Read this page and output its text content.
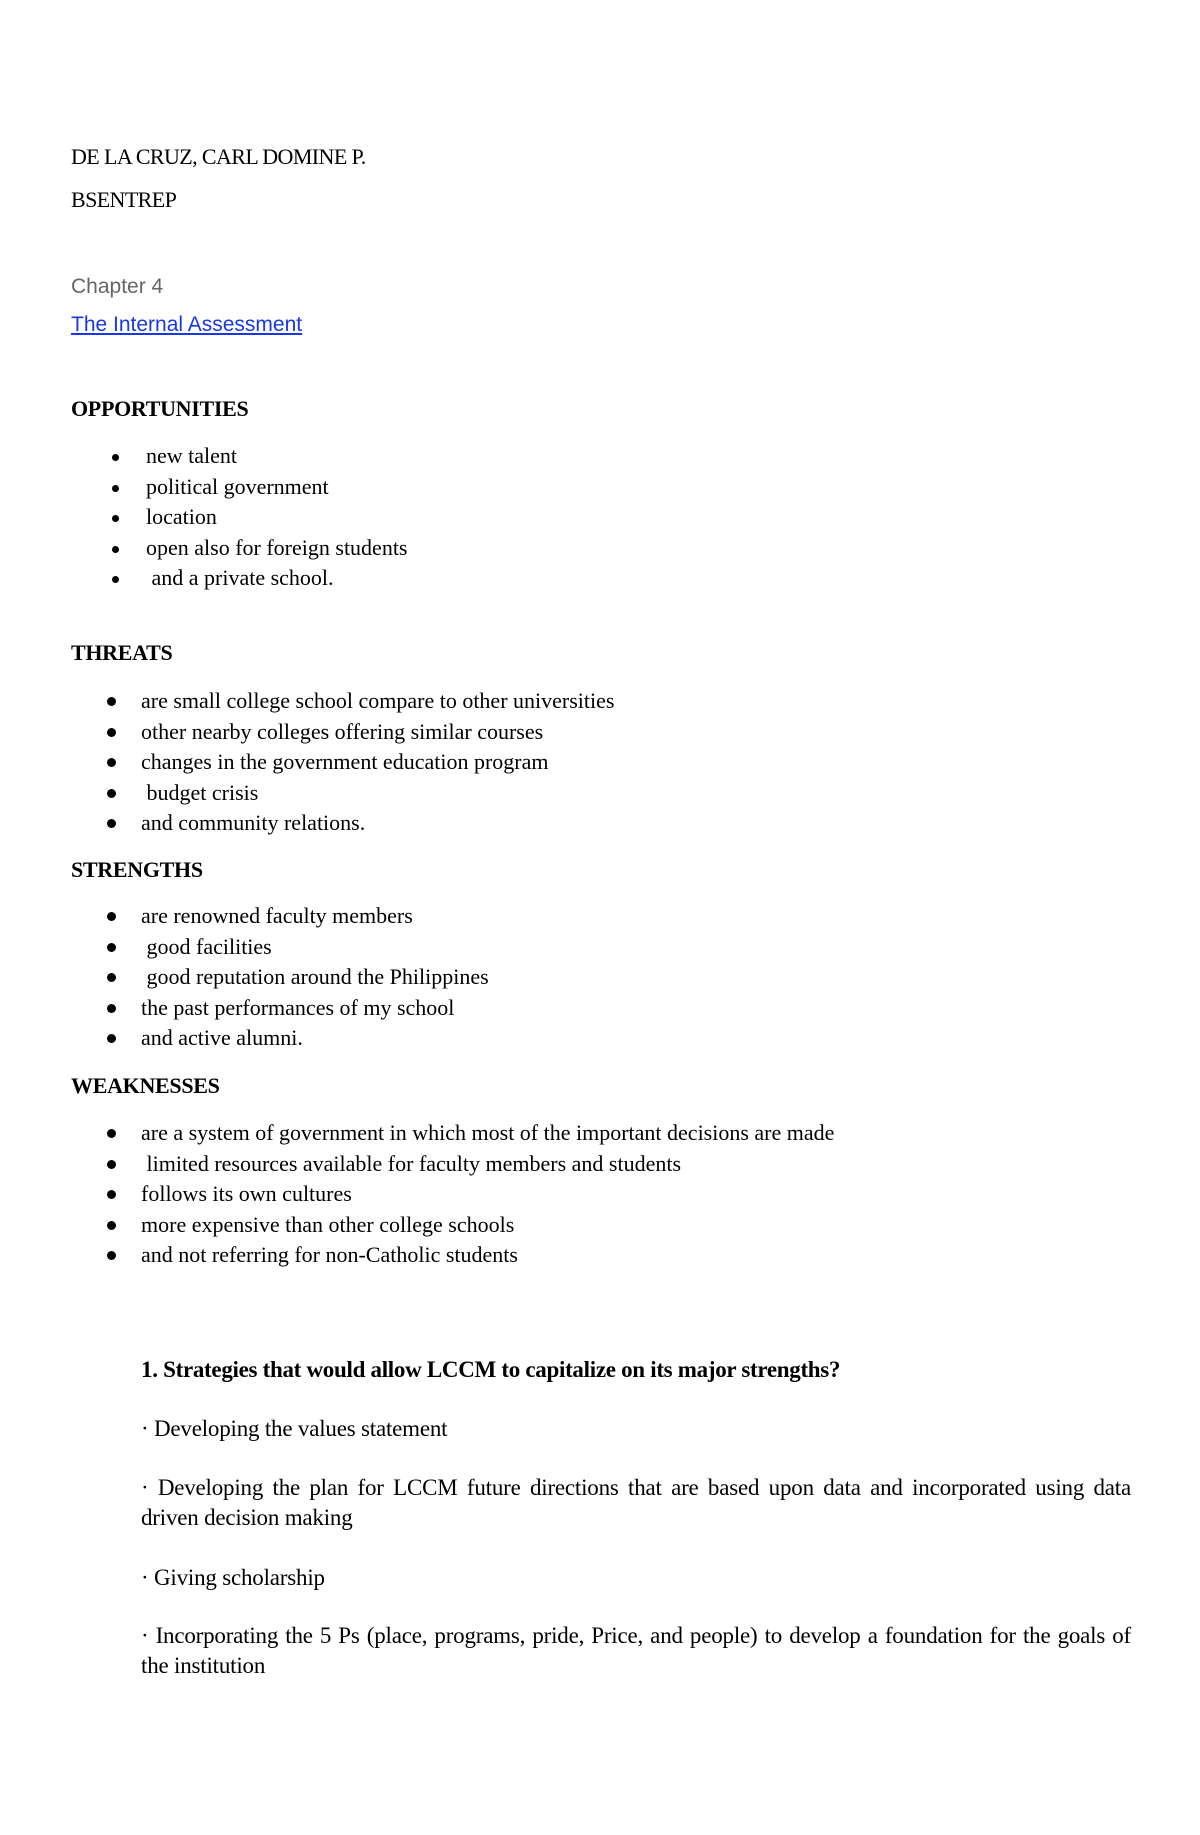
DE LA CRUZ, CARL DOMINE P.
BSENTREP
Chapter 4
The Internal Assessment
OPPORTUNITIES
new talent
political government
location
open also for foreign students
and a private school.
THREATS
are small college school compare to other universities
other nearby colleges offering similar courses
changes in the government education program
budget crisis
and community relations.
STRENGTHS
are renowned faculty members
good facilities
good reputation around the Philippines
the past performances of my school
and active alumni.
WEAKNESSES
are a system of government in which most of the important decisions are made
limited resources available for faculty members and students
follows its own cultures
more expensive than other college schools
and not referring for non-Catholic students
1. Strategies that would allow LCCM to capitalize on its major strengths?
· Developing the values statement
· Developing the plan for LCCM future directions that are based upon data and incorporated using data driven decision making
· Giving scholarship
· Incorporating the 5 Ps (place, programs, pride, Price, and people) to develop a foundation for the goals of the institution
